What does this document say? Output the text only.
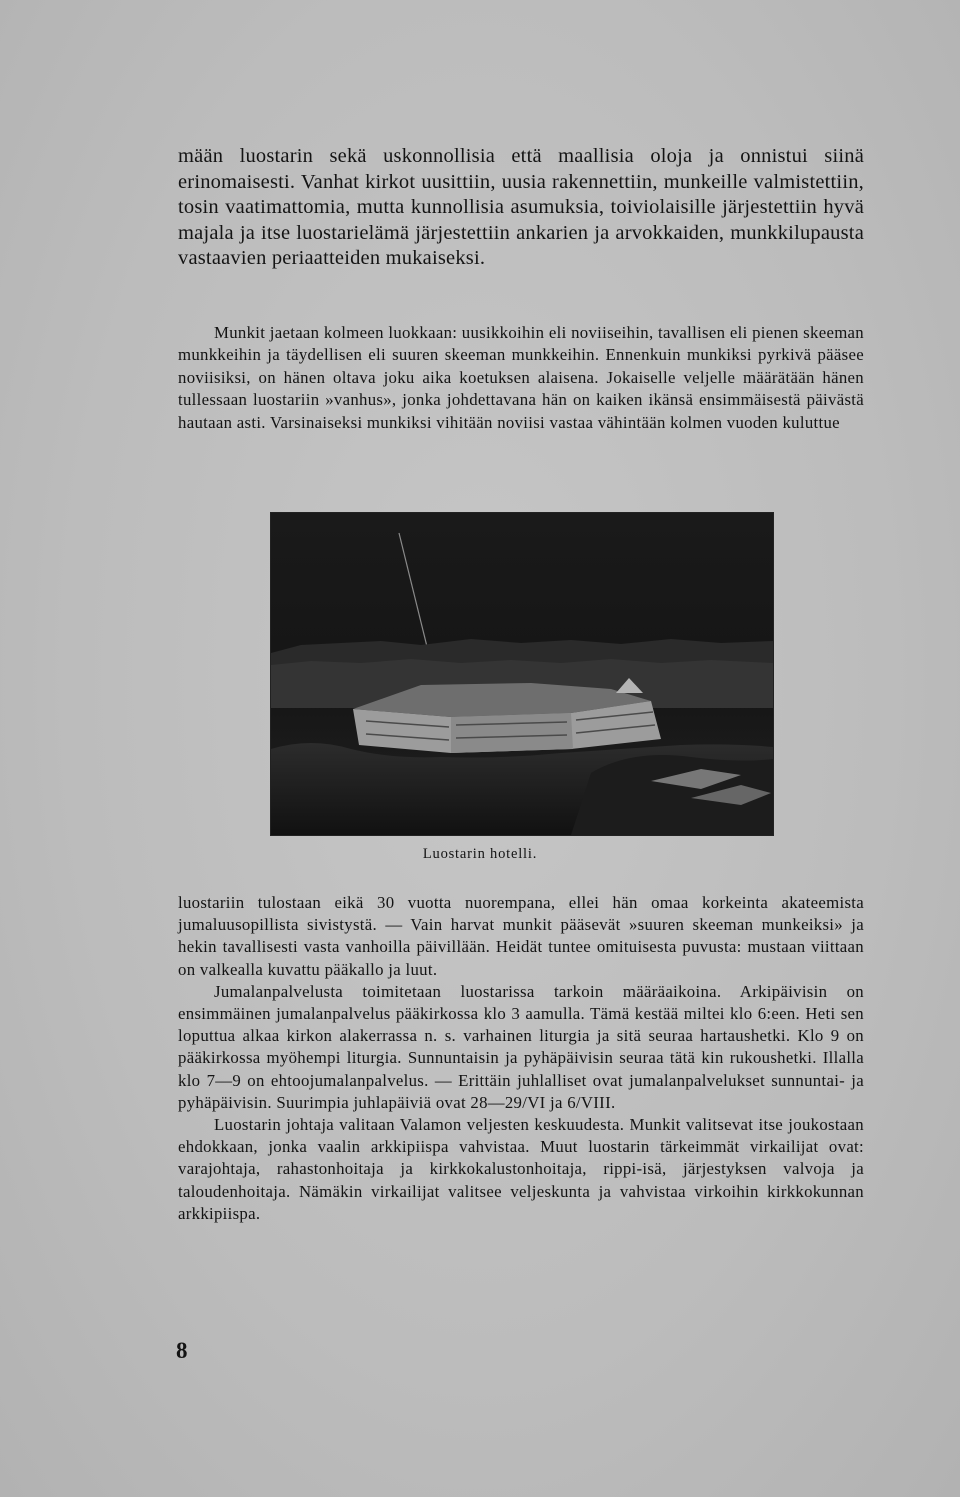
mään luostarin sekä uskonnollisia että maallisia oloja ja onnistui siinä erinomaisesti. Vanhat kirkot uusittiin, uusia rakennettiin, munkeille valmistettiin, tosin vaatimattomia, mutta kunnollisia asumuksia, toiviolaisille järjestettiin hyvä majala ja itse luostarielämä järjestettiin ankarien ja arvokkaiden, munkkilupausta vastaavien periaatteiden mukaiseksi.

Munkit jaetaan kolmeen luokkaan: uusikkoihin eli noviiseihin, tavallisen eli pienen skeeman munkkeihin ja täydellisen eli suuren skeeman munkkeihin. Ennenkuin munkiksi pyrkivä pääsee noviisiksi, on hänen oltava joku aika koetuksen alaisena. Jokaiselle veljelle määrätään hänen tullessaan luostariin »vanhus», jonka johdettavana hän on kaiken ikänsä ensimmäisestä päivästä hautaan asti. Varsinaiseksi munkiksi vihitään noviisi vastaa vähintään kolmen vuoden kuluttue

Luostarin hotelli.

luostariin tulostaan eikä 30 vuotta nuorempana, ellei hän omaa korkeinta akateemista jumaluusopillista sivistystä. — Vain harvat munkit pääsevät »suuren skeeman munkeiksi» ja hekin tavallisesti vasta vanhoilla päivillään. Heidät tuntee omituisesta puvusta: mustaan viittaan on valkealla kuvattu pääkallo ja luut.

Jumalanpalvelusta toimitetaan luostarissa tarkoin määräaikoina. Arkipäivisin on ensimmäinen jumalanpalvelus pääkirkossa klo 3 aamulla. Tämä kestää miltei klo 6:een. Heti sen loputtua alkaa kirkon alakerrassa n. s. varhainen liturgia ja sitä seuraa hartaushetki. Klo 9 on pääkirkossa myöhempi liturgia. Sunnuntaisin ja pyhäpäivisin seuraa tätä kin rukoushetki. Illalla klo 7—9 on ehtoojumalanpalvelus. — Erittäin juhlalliset ovat jumalanpalvelukset sunnuntai- ja pyhäpäivisin. Suurimpia juhlapäiviä ovat 28—29/VI ja 6/VIII.

Luostarin johtaja valitaan Valamon veljesten keskuudesta. Munkit valitsevat itse joukostaan ehdokkaan, jonka vaalin arkkipiispa vahvistaa. Muut luostarin tärkeimmät virkailijat ovat: varajohtaja, rahastonhoitaja ja kirkkokalustonhoitaja, rippi-isä, järjestyksen valvoja ja taloudenhoitaja. Nämäkin virkailijat valitsee veljeskunta ja vahvistaa virkoihin kirkkokunnan arkkipiispa.

8
